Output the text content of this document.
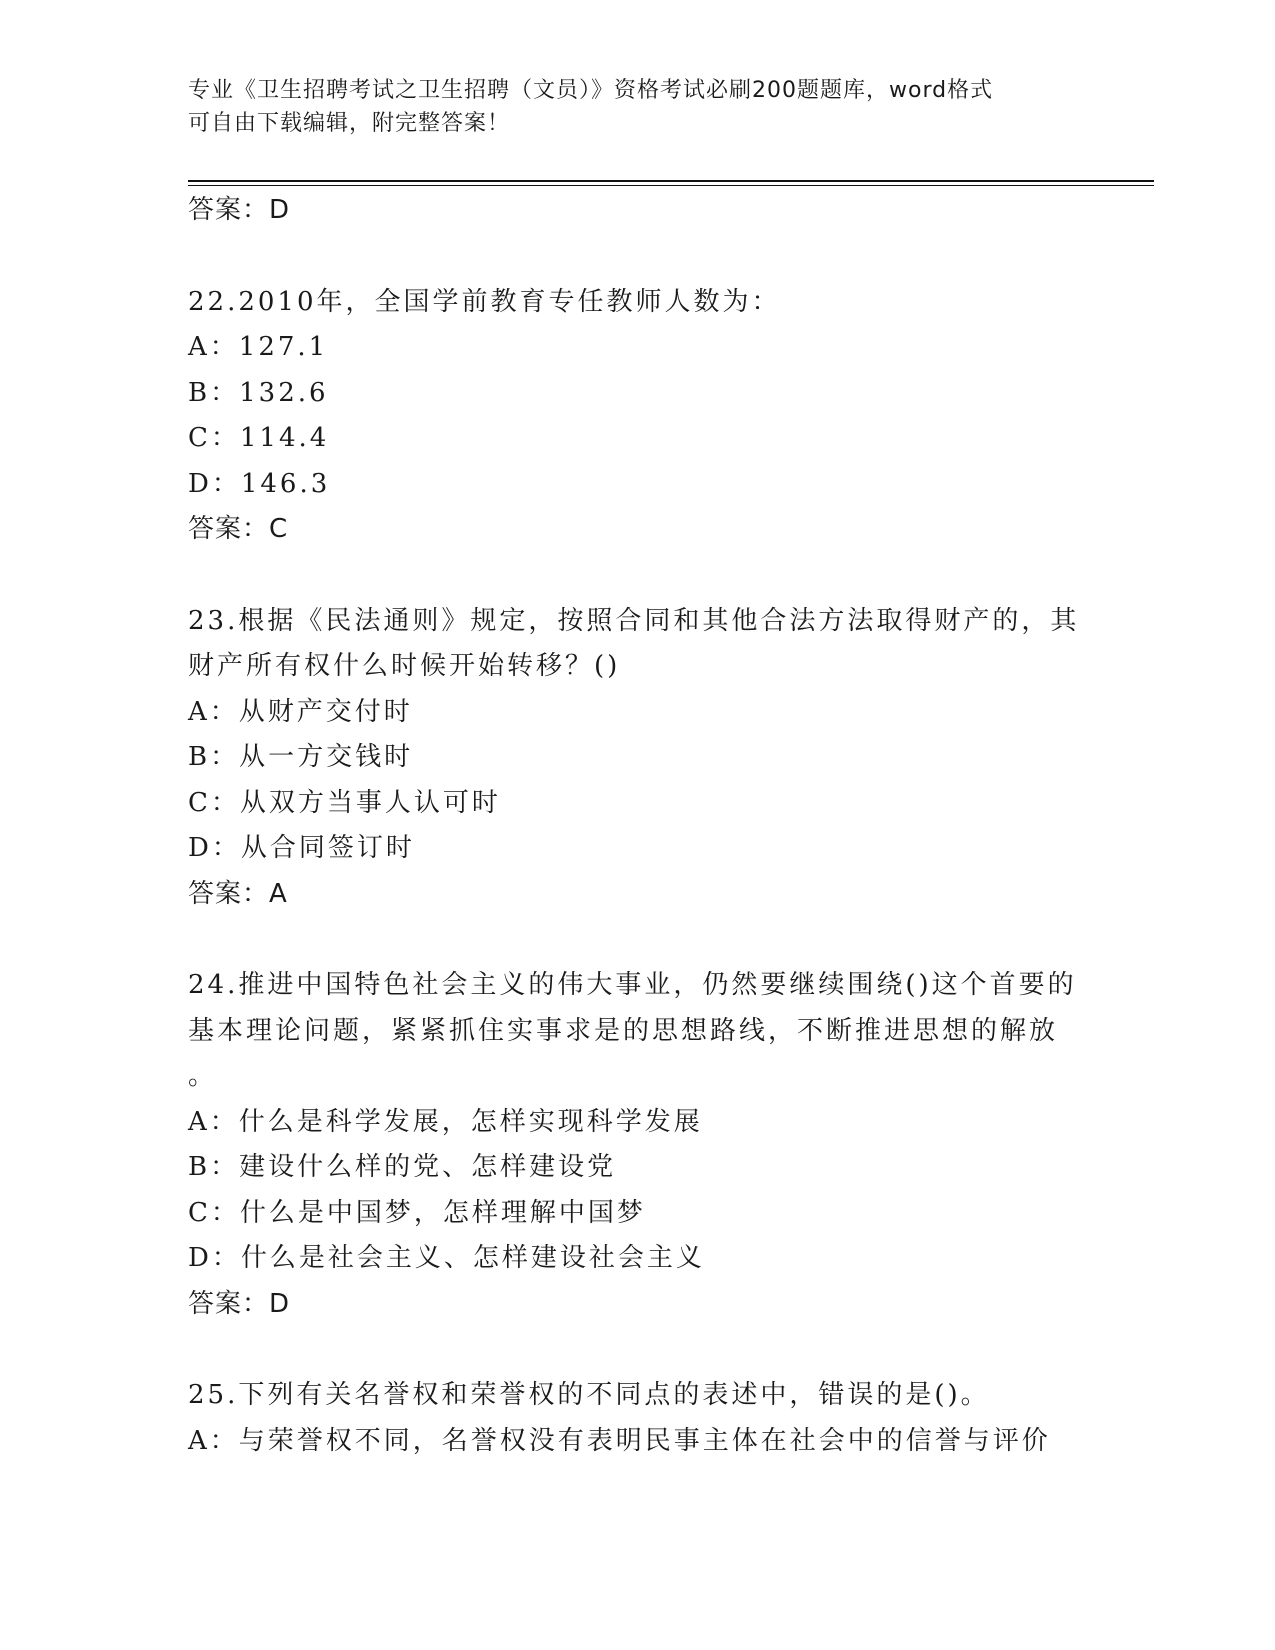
专业《卫生招聘考试之卫生招聘（文员）》资格考试必刷200题题库，word格式
可自由下载编辑，附完整答案！
答案：D
22.2010年，全国学前教育专任教师人数为：
A：127.1
B：132.6
C：114.4
D：146.3
答案：C
23.根据《民法通则》规定，按照合同和其他合法方法取得财产的，其
财产所有权什么时候开始转移？()
A：从财产交付时
B：从一方交钱时
C：从双方当事人认可时
D：从合同签订时
答案：A
24.推进中国特色社会主义的伟大事业，仍然要继续围绕()这个首要的
基本理论问题，紧紧抓住实事求是的思想路线，不断推进思想的解放
。
A：什么是科学发展，怎样实现科学发展
B：建设什么样的党、怎样建设党
C：什么是中国梦，怎样理解中国梦
D：什么是社会主义、怎样建设社会主义
答案：D
25.下列有关名誉权和荣誉权的不同点的表述中，错误的是()。
A：与荣誉权不同，名誉权没有表明民事主体在社会中的信誉与评价
